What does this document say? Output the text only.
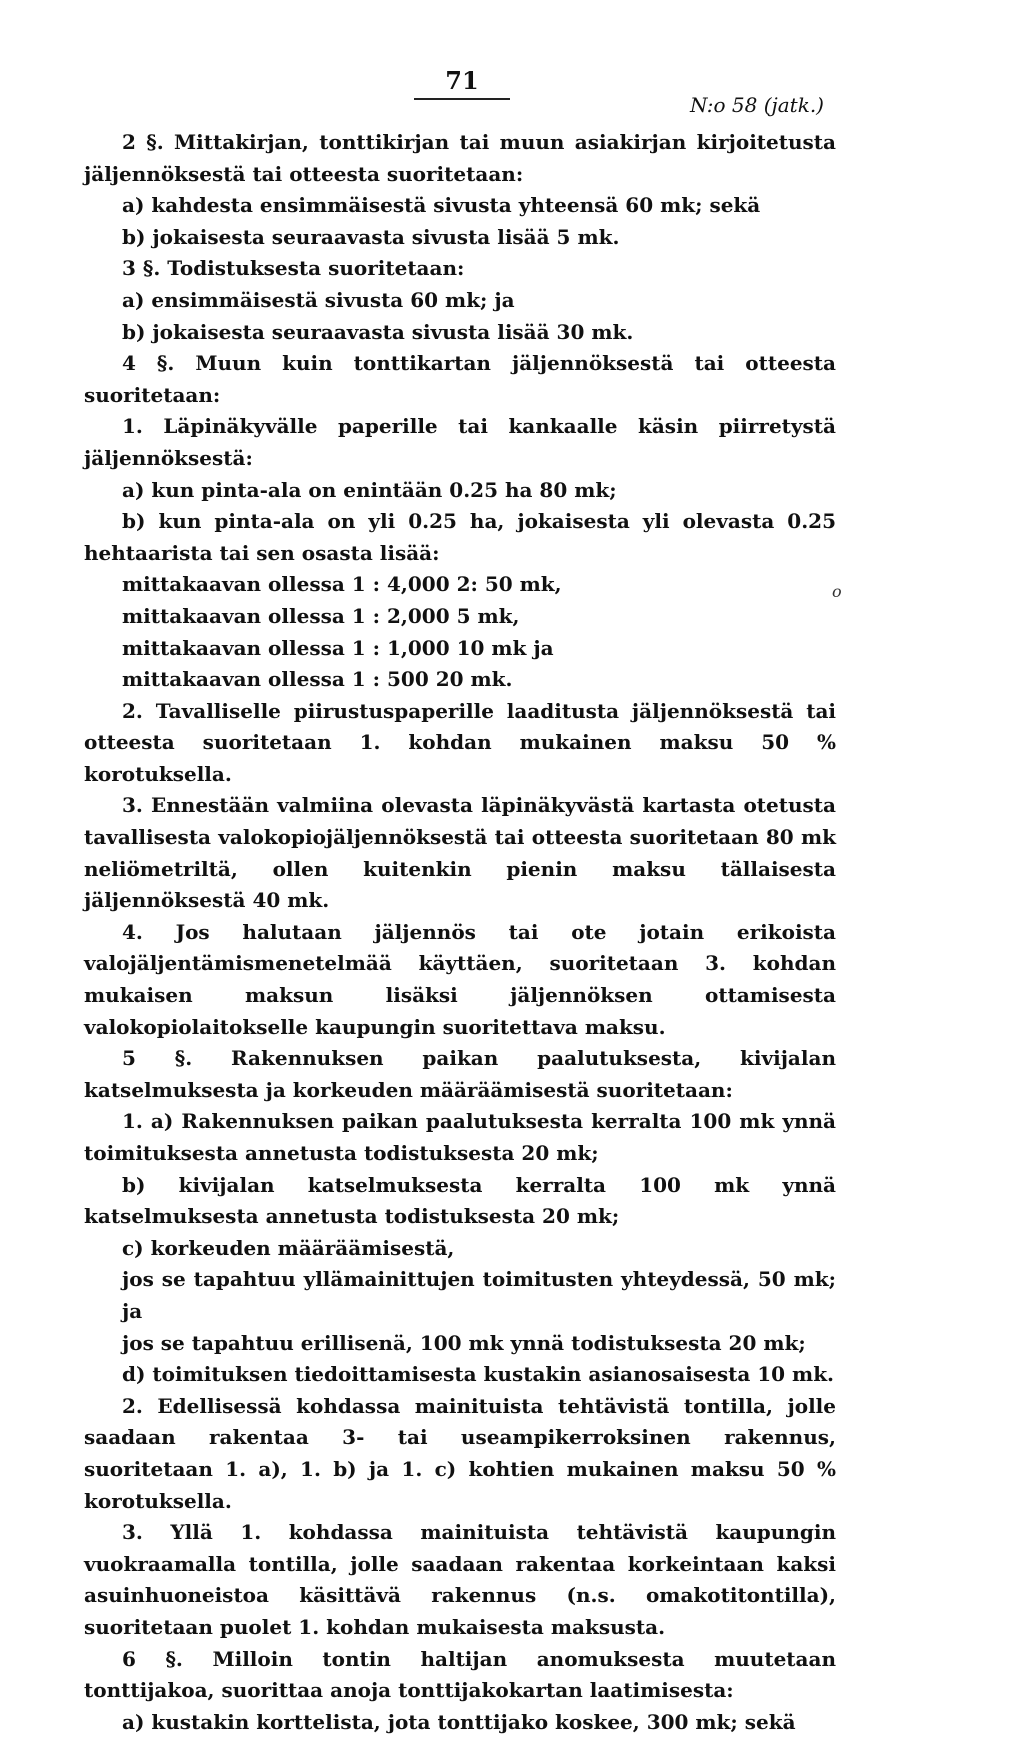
71
N:o 58 (jatk.)

2 §. Mittakirjan, tonttikirjan tai muun asiakirjan kirjoitetusta jäljennöksestä tai otteesta suoritetaan:

a) kahdesta ensimmäisestä sivusta yhteensä 60 mk; sekä

b) jokaisesta seuraavasta sivusta lisää 5 mk.

3 §. Todistuksesta suoritetaan:

a) ensimmäisestä sivusta 60 mk; ja

b) jokaisesta seuraavasta sivusta lisää 30 mk.

4 §. Muun kuin tonttikartan jäljennöksestä tai otteesta suoritetaan:

1. Läpinäkyvälle paperille tai kankaalle käsin piirretystä jäljennöksestä:

a) kun pinta-ala on enintään 0.25 ha 80 mk;

b) kun pinta-ala on yli 0.25 ha, jokaisesta yli olevasta 0.25 hehtaarista tai sen osasta lisää:

mittakaavan ollessa 1 : 4,000 2: 50 mk,

mittakaavan ollessa 1 : 2,000 5 mk,

mittakaavan ollessa 1 : 1,000 10 mk ja

mittakaavan ollessa 1 : 500 20 mk.

2. Tavalliselle piirustuspaperille laaditusta jäljennöksestä tai otteesta suoritetaan 1. kohdan mukainen maksu 50 % korotuksella.

3. Ennestään valmiina olevasta läpinäkyvästä kartasta otetusta tavallisesta valokopiojäljennöksestä tai otteesta suoritetaan 80 mk neliömetriltä, ollen kuitenkin pienin maksu tällaisesta jäljennöksestä 40 mk.

4. Jos halutaan jäljennös tai ote jotain erikoista valojäljentämismenetelmää käyttäen, suoritetaan 3. kohdan mukaisen maksun lisäksi jäljennöksen ottamisesta valokopiolaitokselle kaupungin suoritettava maksu.

5 §. Rakennuksen paikan paalutuksesta, kivijalan katselmuksesta ja korkeuden määräämisestä suoritetaan:

1. a) Rakennuksen paikan paalutuksesta kerralta 100 mk ynnä toimituksesta annetusta todistuksesta 20 mk;

b) kivijalan katselmuksesta kerralta 100 mk ynnä katselmuksesta annetusta todistuksesta 20 mk;

c) korkeuden määräämisestä,

jos se tapahtuu yllämainittujen toimitusten yhteydessä, 50 mk; ja

jos se tapahtuu erillisenä, 100 mk ynnä todistuksesta 20 mk;

d) toimituksen tiedoittamisesta kustakin asianosaisesta 10 mk.

2. Edellisessä kohdassa mainituista tehtävistä tontilla, jolle saadaan rakentaa 3- tai useampikerroksinen rakennus, suoritetaan 1. a), 1. b) ja 1. c) kohtien mukainen maksu 50 % korotuksella.

3. Yllä 1. kohdassa mainituista tehtävistä kaupungin vuokraamalla tontilla, jolle saadaan rakentaa korkeintaan kaksi asuinhuoneistoa käsittävä rakennus (n.s. omakotitontilla), suoritetaan puolet 1. kohdan mukaisesta maksusta.

6 §. Milloin tontin haltijan anomuksesta muutetaan tonttijakoa, suorittaa anoja tonttijakokartan laatimisesta:

a) kustakin korttelista, jota tonttijako koskee, 300 mk; sekä

o
